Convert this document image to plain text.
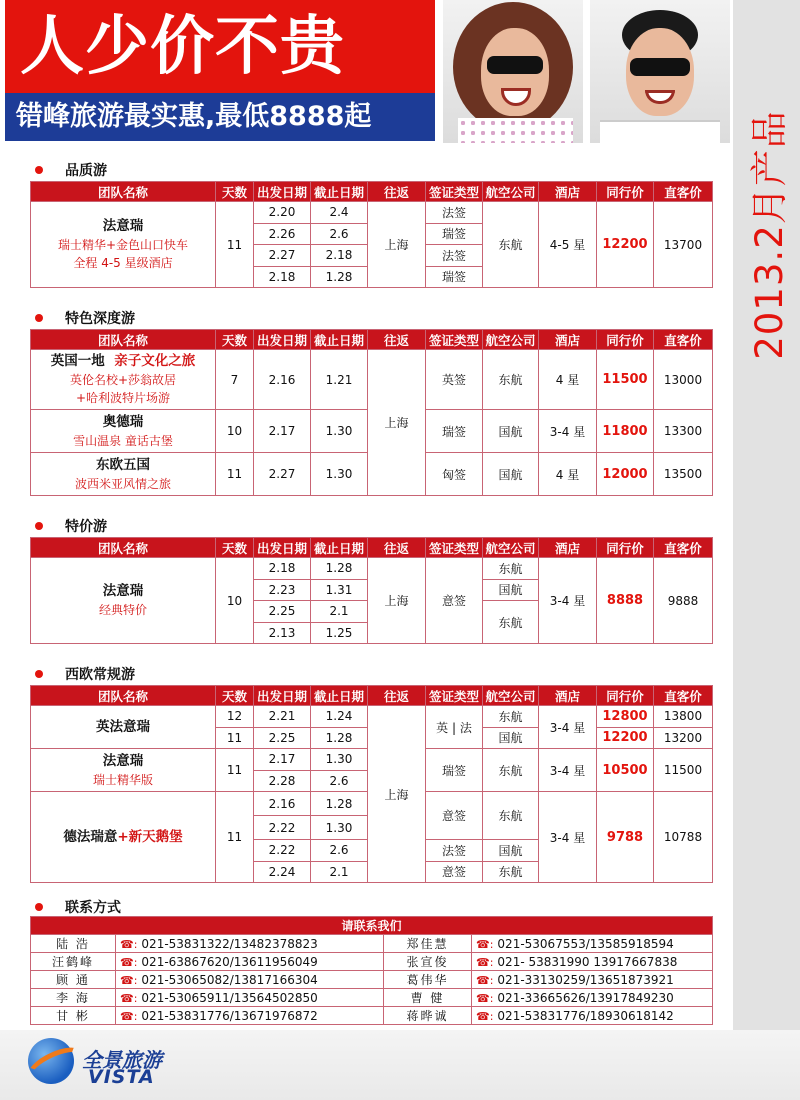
人少价不贵
错峰旅游最实惠,最低8888起	2013.2月产品
品质游
团队名称	天数	出发日期	截止日期	往返	签证类型	航空公司	酒店	同行价	直客价

法意瑞
瑞士精华+金色山口快车
全程 4-5 星级酒店	11	2.20	2.4	上海	法签	东航	4-5 星	12200	13700
		2.26	2.6		瑞签				
		2.27	2.18		法签				
		2.18	1.28		瑞签				
特色深度游
团队名称	天数	出发日期	截止日期	往返	签证类型	航空公司	酒店	同行价	直客价

英国一地 亲子文化之旅
英伦名校+莎翁故居
+哈利波特片场游	7	2.16	1.21	上海	英签	东航	4 星	11500	13000

奥德瑞
雪山温泉 童话古堡	10	2.17	1.30		瑞签	国航	3-4 星	11800	13300

东欧五国
波西米亚风情之旅	11	2.27	1.30		匈签	国航	4 星	12000	13500
特价游
团队名称	天数	出发日期	截止日期	往返	签证类型	航空公司	酒店	同行价	直客价

法意瑞
经典特价	10	2.18	1.28	上海	意签	东航	3-4 星	8888	9888
		2.23	1.31			国航			
		2.25	2.1			东航			
		2.13	1.25						
西欧常规游
团队名称	天数	出发日期	截止日期	往返	签证类型	航空公司	酒店	同行价	直客价

英法意瑞	12	2.21	1.24	上海	英 | 法	东航	3-4 星	12800	13800
	11	2.25	1.28			国航		12200	13200

法意瑞
瑞士精华版	11	2.17	1.30		瑞签	东航	3-4 星	10500	11500
		2.28	2.6						

德法瑞意+新天鹅堡	11	2.16	1.28		意签	东航	3-4 星	9788	10788

		2.22	1.30						

		2.22	2.6		法签	国航			
		2.24	2.1		意签	东航			
联系方式
请联系我们			
陆 浩	☎: 021-53831322/13482378823	郑佳慧	☎: 021-53067553/13585918594
汪鹤峰	☎: 021-63867620/13611956049	张宣俊	☎: 021- 53831990 13917667838
顾 通	☎: 021-53065082/13817166304	葛伟华	☎: 021-33130259/13651873921
李 海	☎: 021-53065911/13564502850	曹 健	☎: 021-33665626/13917849230
甘 彬	☎: 021-53831776/13671976872	蒋晔诚	☎: 021-53831776/18930618142
全景旅游
VISTA
